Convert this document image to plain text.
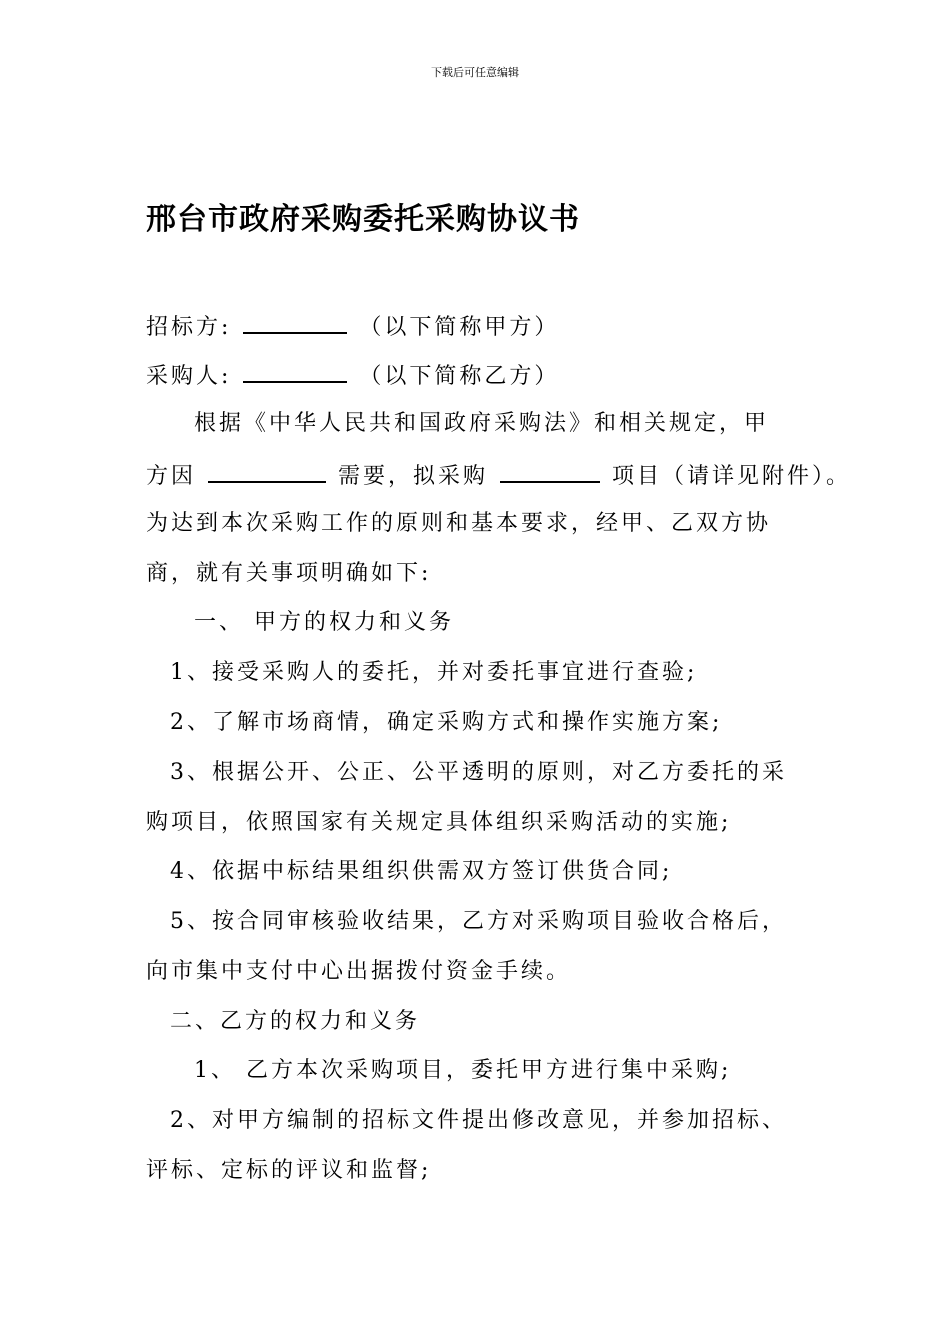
下载后可任意编辑
邢台市政府采购委托采购协议书
招标方:	（以下简称甲方）
采购人:	（以下简称乙方）
根据《中华人民共和国政府采购法》和相关规定，甲
方因	需要，拟采购	项目（请详见附件）。
为达到本次采购工作的原则和基本要求，经甲、乙双方协
商，就有关事项明确如下:
一、 甲方的权力和义务
1、接受采购人的委托，并对委托事宜进行查验;
2、了解市场商情，确定采购方式和操作实施方案;
3、根据公开、公正、公平透明的原则，对乙方委托的采
购项目，依照国家有关规定具体组织采购活动的实施;
4、依据中标结果组织供需双方签订供货合同;
5、按合同审核验收结果，乙方对采购项目验收合格后，
向市集中支付中心出据拨付资金手续。
二、乙方的权力和义务
1、 乙方本次采购项目，委托甲方进行集中采购;
2、对甲方编制的招标文件提出修改意见，并参加招标、
评标、定标的评议和监督;
